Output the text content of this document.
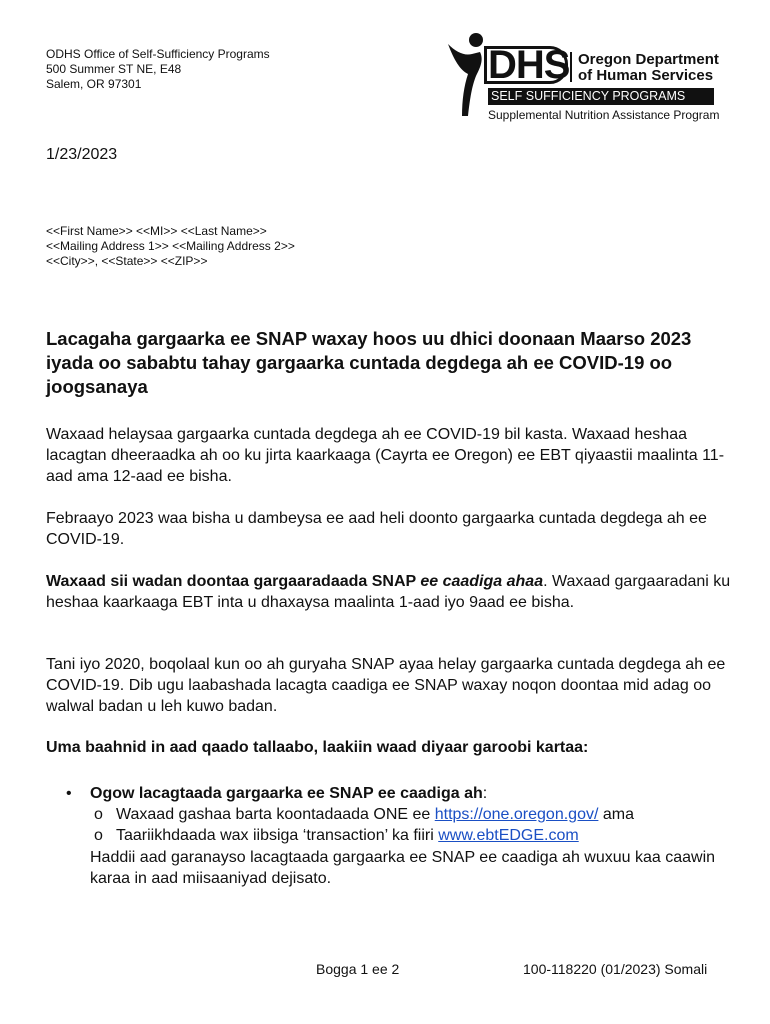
ODHS Office of Self-Sufficiency Programs
500 Summer ST NE, E48
Salem, OR 97301	DHS Oregon Department
of Human Services
SELF SUFFICIENCY PROGRAMS
Supplemental Nutrition Assistance Program
1/23/2023
<<First Name>> <<MI>> <<Last Name>>
<<Mailing Address 1>> <<Mailing Address 2>>
<<City>>, <<State>> <<ZIP>>
Lacagaha gargaarka ee SNAP waxay hoos uu dhici doonaan Maarso 2023 iyada oo sababtu tahay gargaarka cuntada degdega ah ee COVID-19 oo joogsanaya
Waxaad helaysaa gargaarka cuntada degdega ah ee COVID-19 bil kasta. Waxaad heshaa lacagtan dheeraadka ah oo ku jirta kaarkaaga (Cayrta ee Oregon) ee EBT qiyaastii maalinta 11-aad ama 12-aad ee bisha.
Febraayo 2023 waa bisha u dambeysa ee aad heli doonto gargaarka cuntada degdega ah ee COVID-19.
Waxaad sii wadan doontaa gargaaradaada SNAP ee caadiga ahaa. Waxaad gargaaradani ku heshaa kaarkaaga EBT inta u dhaxaysa maalinta 1-aad iyo 9aad ee bisha.
Tani iyo 2020, boqolaal kun oo ah guryaha SNAP ayaa helay gargaarka cuntada degdega ah ee COVID-19. Dib ugu laabashada lacagta caadiga ee SNAP waxay noqon doontaa mid adag oo walwal badan u leh kuwo badan.
Uma baahnid in aad qaado tallaabo, laakiin waad diyaar garoobi kartaa:
• Ogow lacagtaada gargaarka ee SNAP ee caadiga ah:
o Waxaad gashaa barta koontadaada ONE ee https://one.oregon.gov/ ama
o Taariikhdaada wax iibsiga ‘transaction’ ka fiiri www.ebtEDGE.com
Haddii aad garanayso lacagtaada gargaarka ee SNAP ee caadiga ah wuxuu kaa caawin karaa in aad miisaaniyad dejisato.
Bogga 1 ee 2	100-118220 (01/2023) Somali
